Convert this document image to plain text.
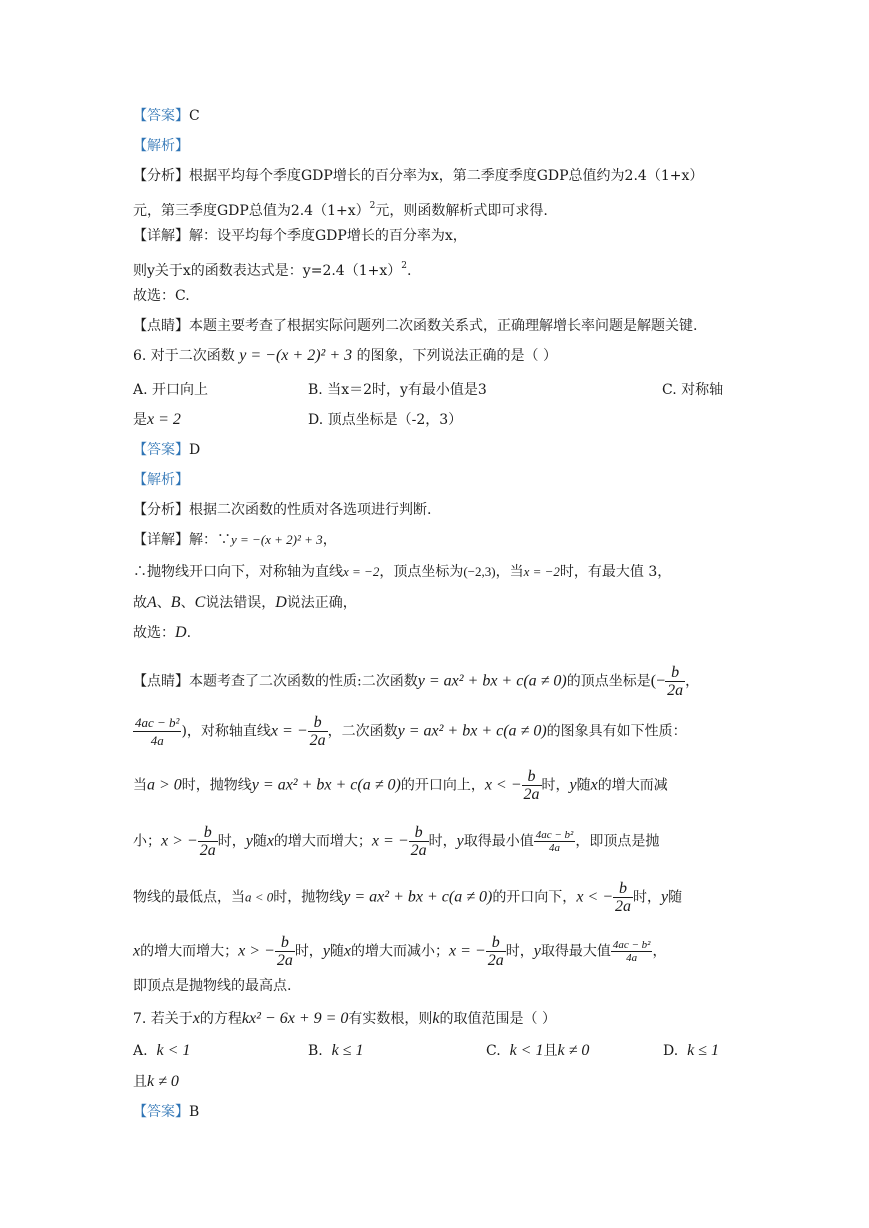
【答案】C
【解析】
【分析】根据平均每个季度GDP增长的百分率为x，第二季度季度GDP总值约为2.4（1+x）
元，第三季度GDP总值为$2.4(1+x)^2$元，则函数解析式即可求得.
【详解】解：设平均每个季度GDP增长的百分率为x，
则y关于x的函数表达式是：$y=2.4(1+x)^2$.
故选：C.
【点睛】本题主要考查了根据实际问题列二次函数关系式，正确理解增长率问题是解题关键.
6. 对于二次函数 y = −(x + 2)² + 3 的图象，下列说法正确的是（ ）
A. 开口向上	B. 当x＝2时，y有最小值是3	C. 对称轴
是x = 2	D. 顶点坐标是（-2，3）
【答案】D
【解析】
【分析】根据二次函数的性质对各选项进行判断.
【详解】解：∵y = −(x + 2)² + 3，
∴抛物线开口向下，对称轴为直线x = −2，顶点坐标为(−2,3)，当x = −2时，有最大值 3，
故A、B、C说法错误，D说法正确，
故选：D.
【点睛】本题考查了二次函数的性质:二次函数y = ax² + bx + c(a ≠ 0)的顶点坐标是(− $\frac{b}{2a}$ ，
$\frac{\text{4ac − b²}}{4a}$ )，对称轴直线x = − $\frac{b}{2a}$ ，二次函数y = ax² + bx + c(a ≠ 0)的图象具有如下性质：
当a > 0时，抛物线y = ax² + bx + c(a ≠ 0)的开口向上，x < − $\frac{b}{2a}$ 时，y随x的增大而减
小；x > − $\frac{b}{2a}$ 时，y随x的增大而增大；x = − $\frac{b}{2a}$ 时，y取得最小值 $\frac{\text{4ac − b²}}{4a}$ ，即顶点是抛
物线的最低点，当a < 0时，抛物线y = ax² + bx + c(a ≠ 0)的开口向下，x < − $\frac{b}{2a}$ 时，y随
x的增大而增大；x > − $\frac{b}{2a}$ 时，y随x的增大而减小；x = − $\frac{b}{2a}$ 时，y取得最大值 $\frac{\text{4ac − b²}}{4a}$ ，
即顶点是抛物线的最高点.
7. 若关于x的方程kx² − 6x + 9 = 0有实数根，则k的取值范围是（ ）
A. k < 1	B. k ≤ 1	C. k < 1且k ≠ 0	D. k ≤ 1
且k ≠ 0
【答案】B
